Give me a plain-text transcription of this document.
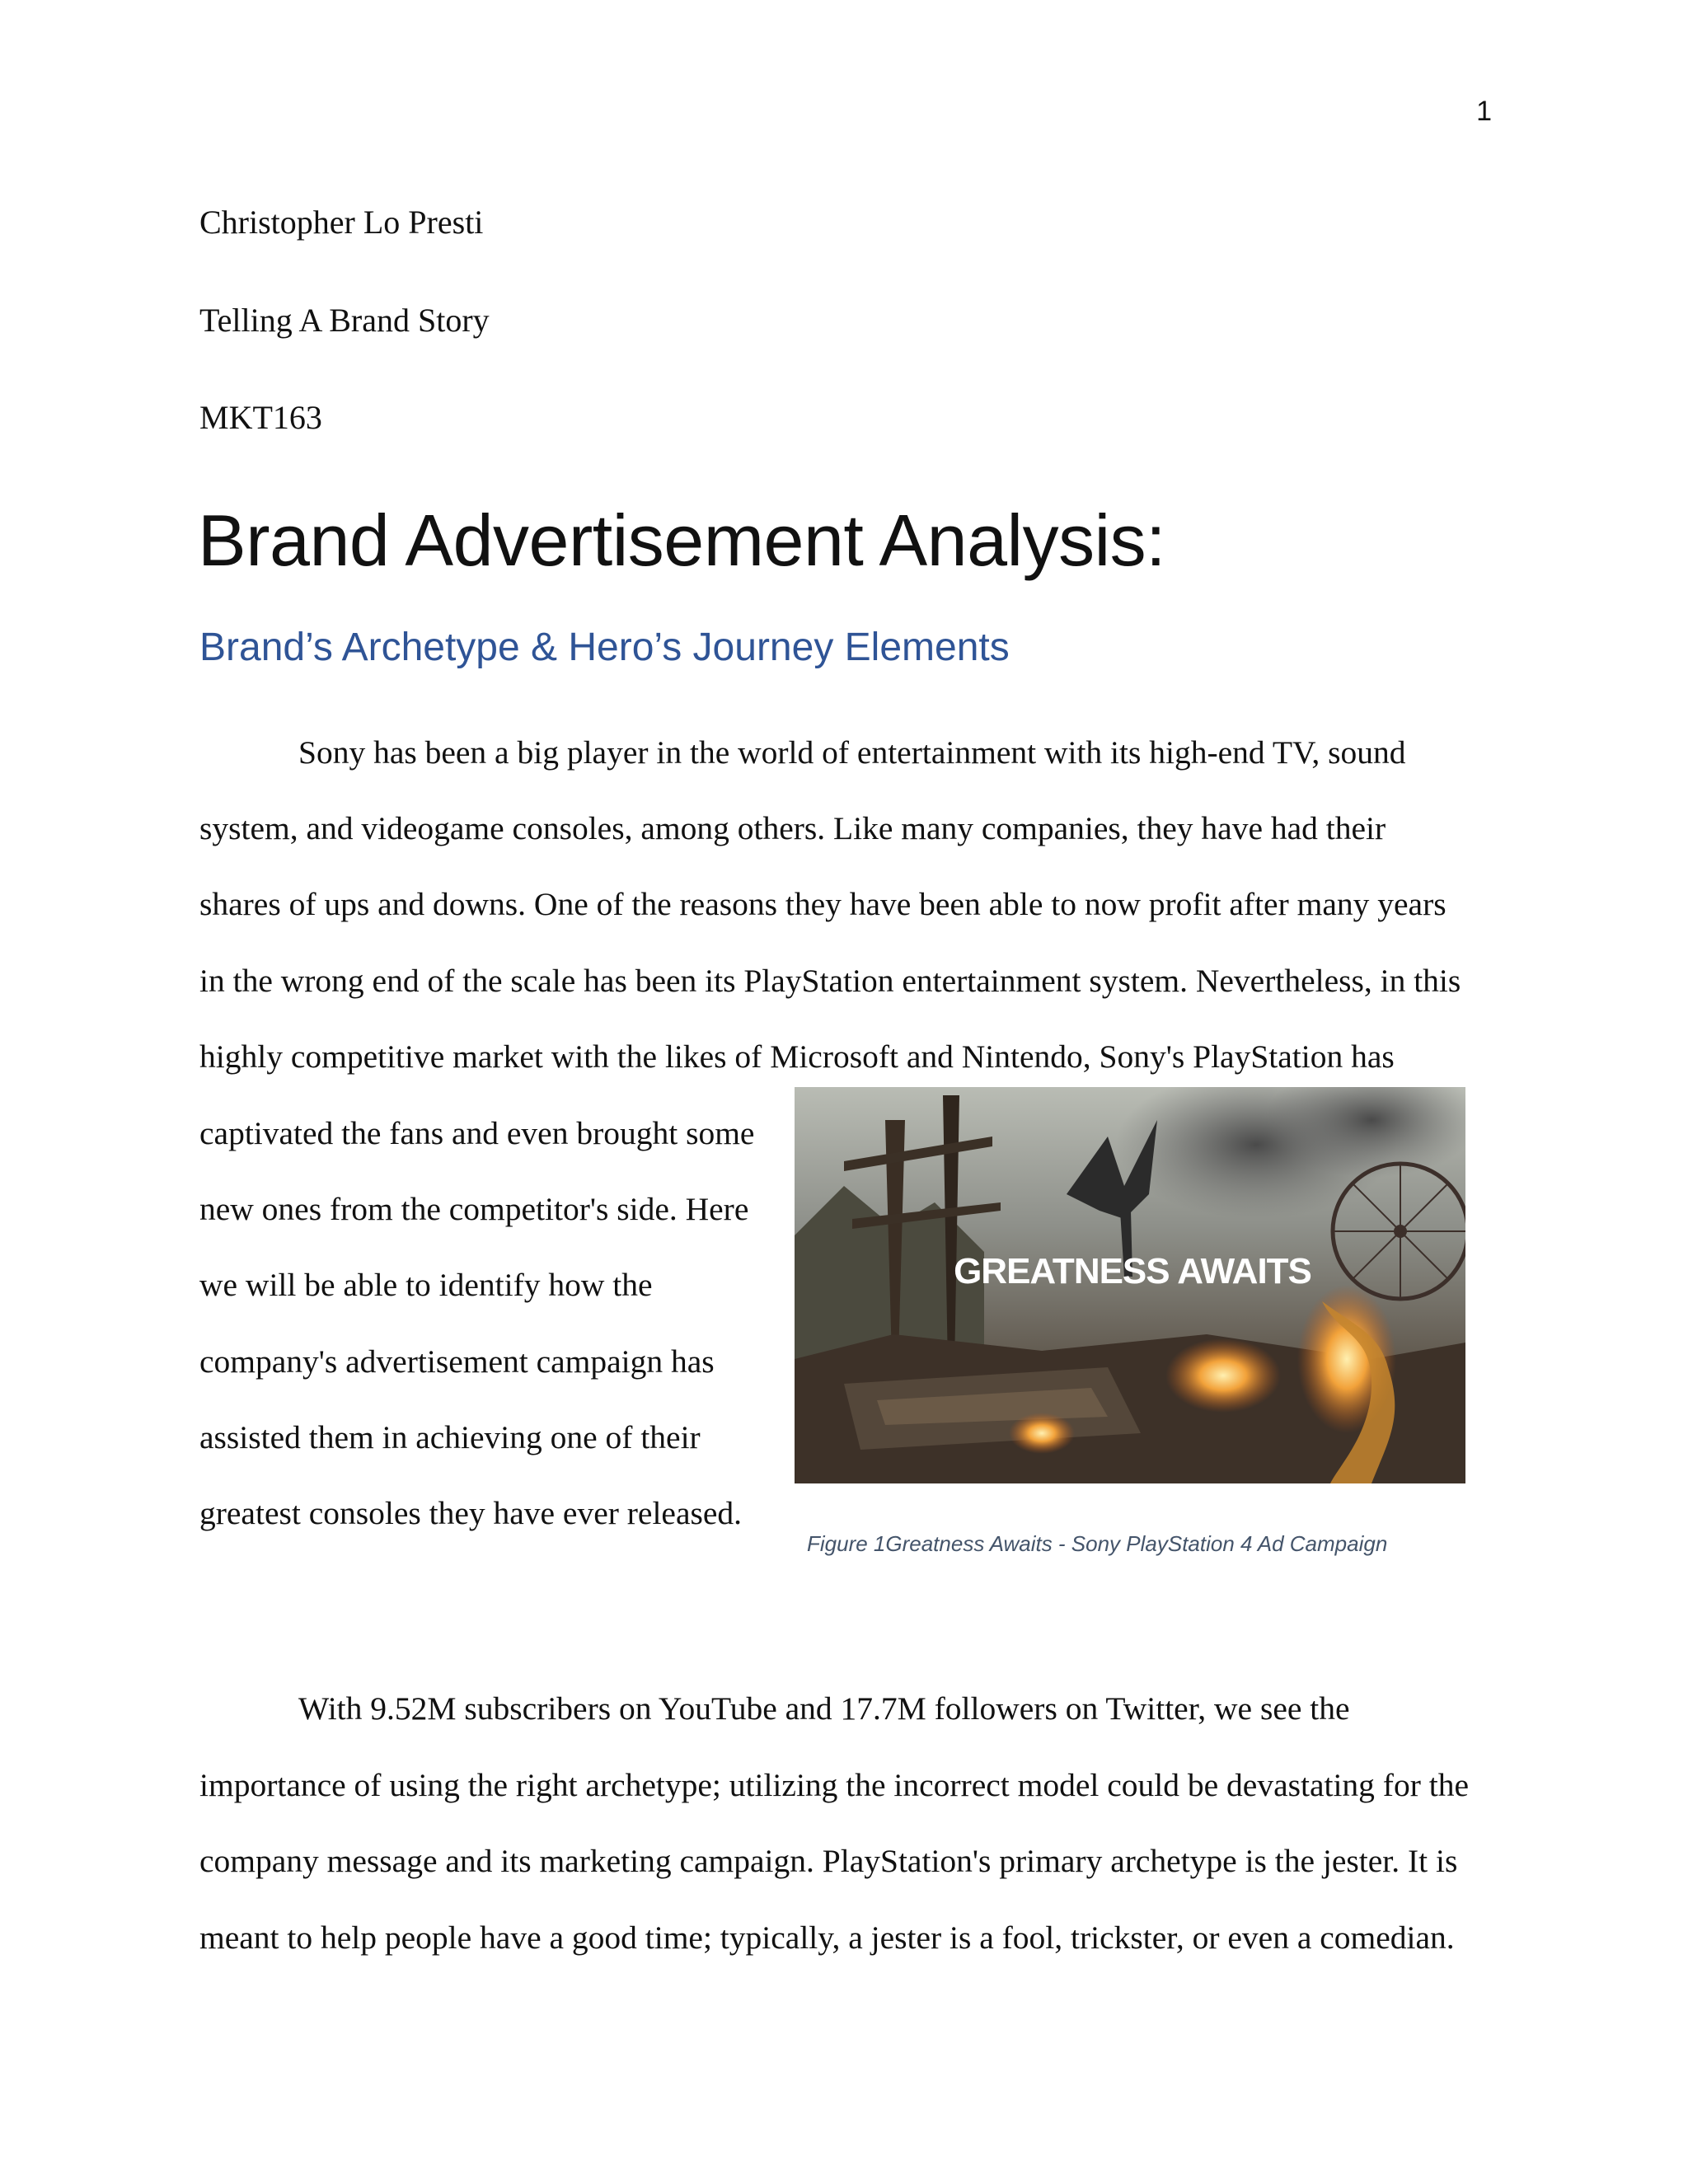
1
Christopher Lo Presti
Telling A Brand Story
MKT163
Brand Advertisement Analysis:
Brand’s Archetype & Hero’s Journey Elements
Sony has been a big player in the world of entertainment with its high-end TV, sound
system, and videogame consoles, among others. Like many companies, they have had their
shares of ups and downs. One of the reasons they have been able to now profit after many years
in the wrong end of the scale has been its PlayStation entertainment system. Nevertheless, in this
highly competitive market with the likes of Microsoft and Nintendo, Sony's PlayStation has
captivated the fans and even brought some
new ones from the competitor's side. Here
we will be able to identify how the
company's advertisement campaign has
assisted them in achieving one of their
greatest consoles they have ever released.
GREATNESS AWAITS
Figure 1Greatness Awaits - Sony PlayStation 4 Ad Campaign
With 9.52M subscribers on YouTube and 17.7M followers on Twitter, we see the
importance of using the right archetype; utilizing the incorrect model could be devastating for the
company message and its marketing campaign. PlayStation's primary archetype is the jester. It is
meant to help people have a good time; typically, a jester is a fool, trickster, or even a comedian.
